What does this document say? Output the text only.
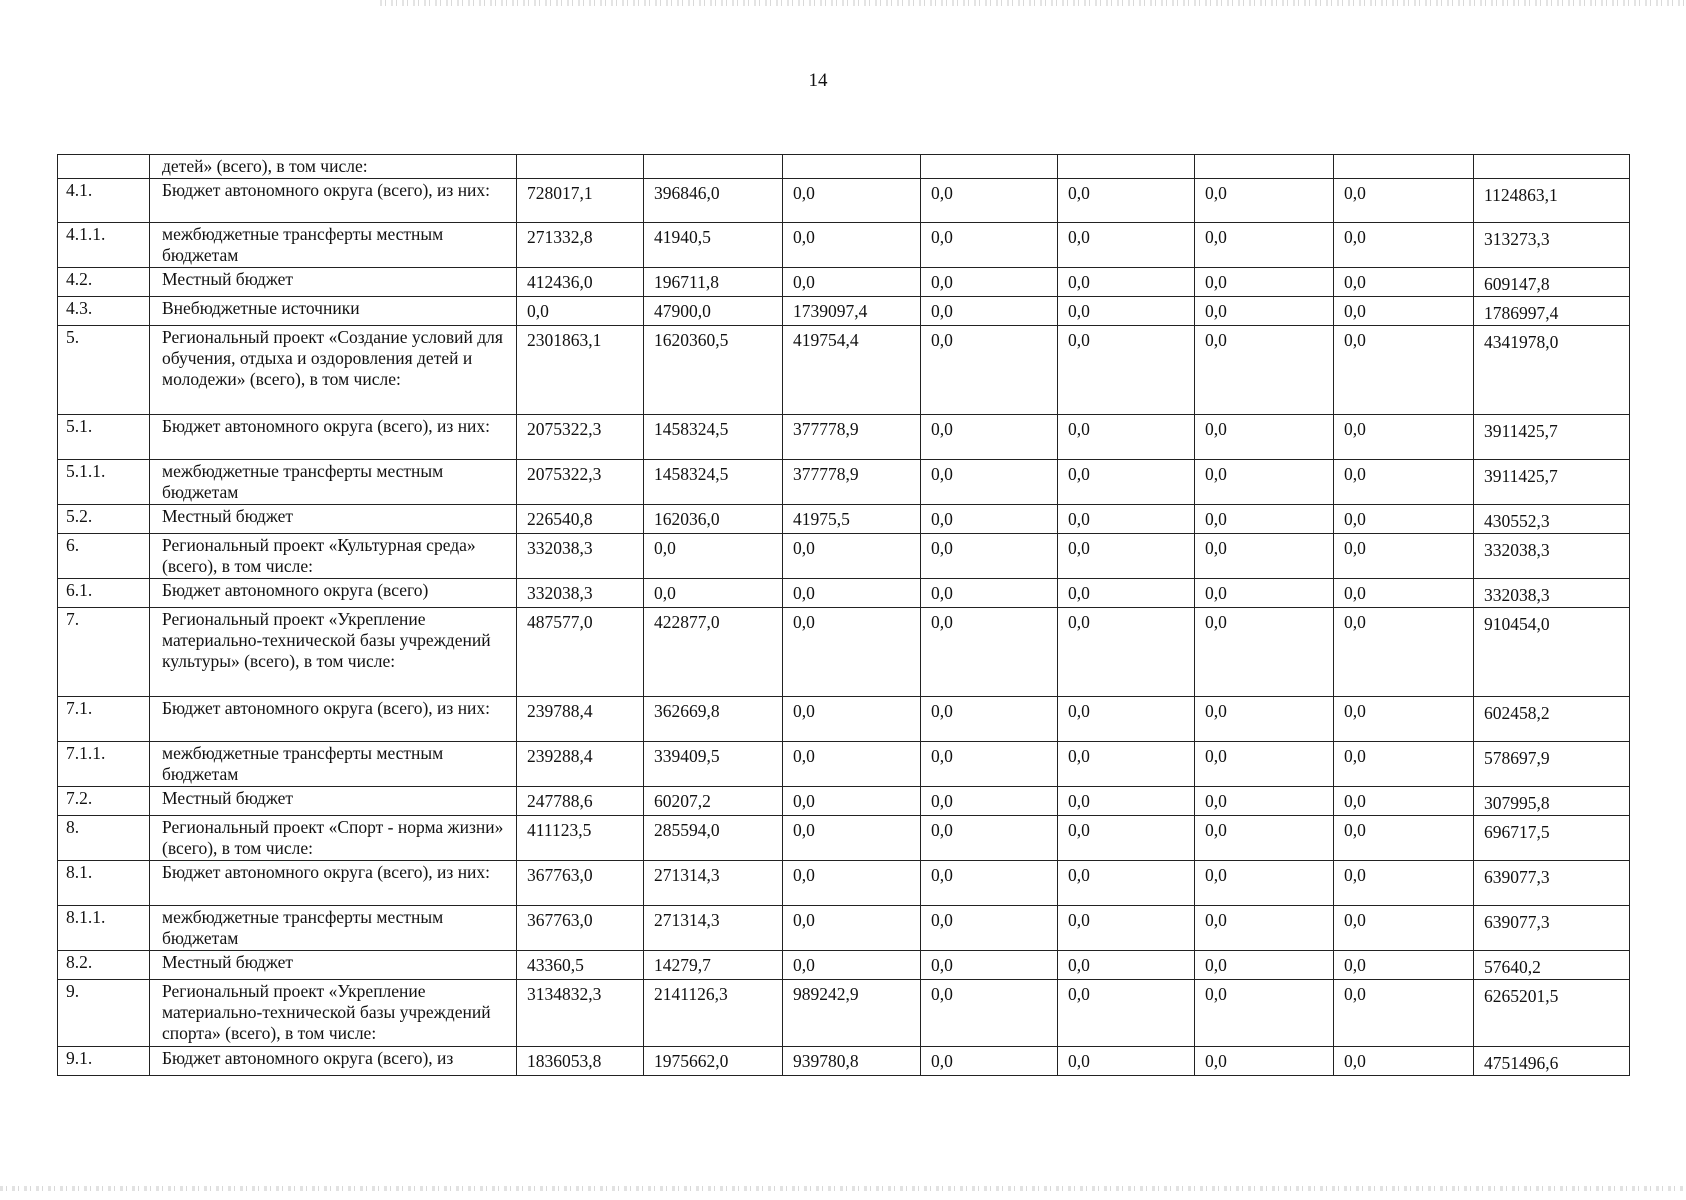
14
	детей» (всего), в том числе:								
4.1.	Бюджет автономного округа (всего), из них:	728017,1	396846,0	0,0	0,0	0,0	0,0	0,0	1124863,1
4.1.1.	межбюджетные трансферты местным бюджетам	271332,8	41940,5	0,0	0,0	0,0	0,0	0,0	313273,3
4.2.	Местный бюджет	412436,0	196711,8	0,0	0,0	0,0	0,0	0,0	609147,8
4.3.	Внебюджетные источники	0,0	47900,0	1739097,4	0,0	0,0	0,0	0,0	1786997,4
5.	Региональный проект «Создание условий для обучения, отдыха и оздоровления детей и молодежи» (всего), в том числе:	2301863,1	1620360,5	419754,4	0,0	0,0	0,0	0,0	4341978,0
5.1.	Бюджет автономного округа (всего), из них:	2075322,3	1458324,5	377778,9	0,0	0,0	0,0	0,0	3911425,7
5.1.1.	межбюджетные трансферты местным бюджетам	2075322,3	1458324,5	377778,9	0,0	0,0	0,0	0,0	3911425,7
5.2.	Местный бюджет	226540,8	162036,0	41975,5	0,0	0,0	0,0	0,0	430552,3
6.	Региональный проект «Культурная среда» (всего), в том числе:	332038,3	0,0	0,0	0,0	0,0	0,0	0,0	332038,3
6.1.	Бюджет автономного округа (всего)	332038,3	0,0	0,0	0,0	0,0	0,0	0,0	332038,3
7.	Региональный проект «Укрепление материально-технической базы учреждений культуры» (всего), в том числе:	487577,0	422877,0	0,0	0,0	0,0	0,0	0,0	910454,0
7.1.	Бюджет автономного округа (всего), из них:	239788,4	362669,8	0,0	0,0	0,0	0,0	0,0	602458,2
7.1.1.	межбюджетные трансферты местным бюджетам	239288,4	339409,5	0,0	0,0	0,0	0,0	0,0	578697,9
7.2.	Местный бюджет	247788,6	60207,2	0,0	0,0	0,0	0,0	0,0	307995,8
8.	Региональный проект «Спорт - норма жизни» (всего), в том числе:	411123,5	285594,0	0,0	0,0	0,0	0,0	0,0	696717,5
8.1.	Бюджет автономного округа (всего), из них:	367763,0	271314,3	0,0	0,0	0,0	0,0	0,0	639077,3
8.1.1.	межбюджетные трансферты местным бюджетам	367763,0	271314,3	0,0	0,0	0,0	0,0	0,0	639077,3
8.2.	Местный бюджет	43360,5	14279,7	0,0	0,0	0,0	0,0	0,0	57640,2
9.	Региональный проект «Укрепление материально-технической базы учреждений спорта» (всего), в том числе:	3134832,3	2141126,3	989242,9	0,0	0,0	0,0	0,0	6265201,5
9.1.	Бюджет автономного округа (всего), из	1836053,8	1975662,0	939780,8	0,0	0,0	0,0	0,0	4751496,6
